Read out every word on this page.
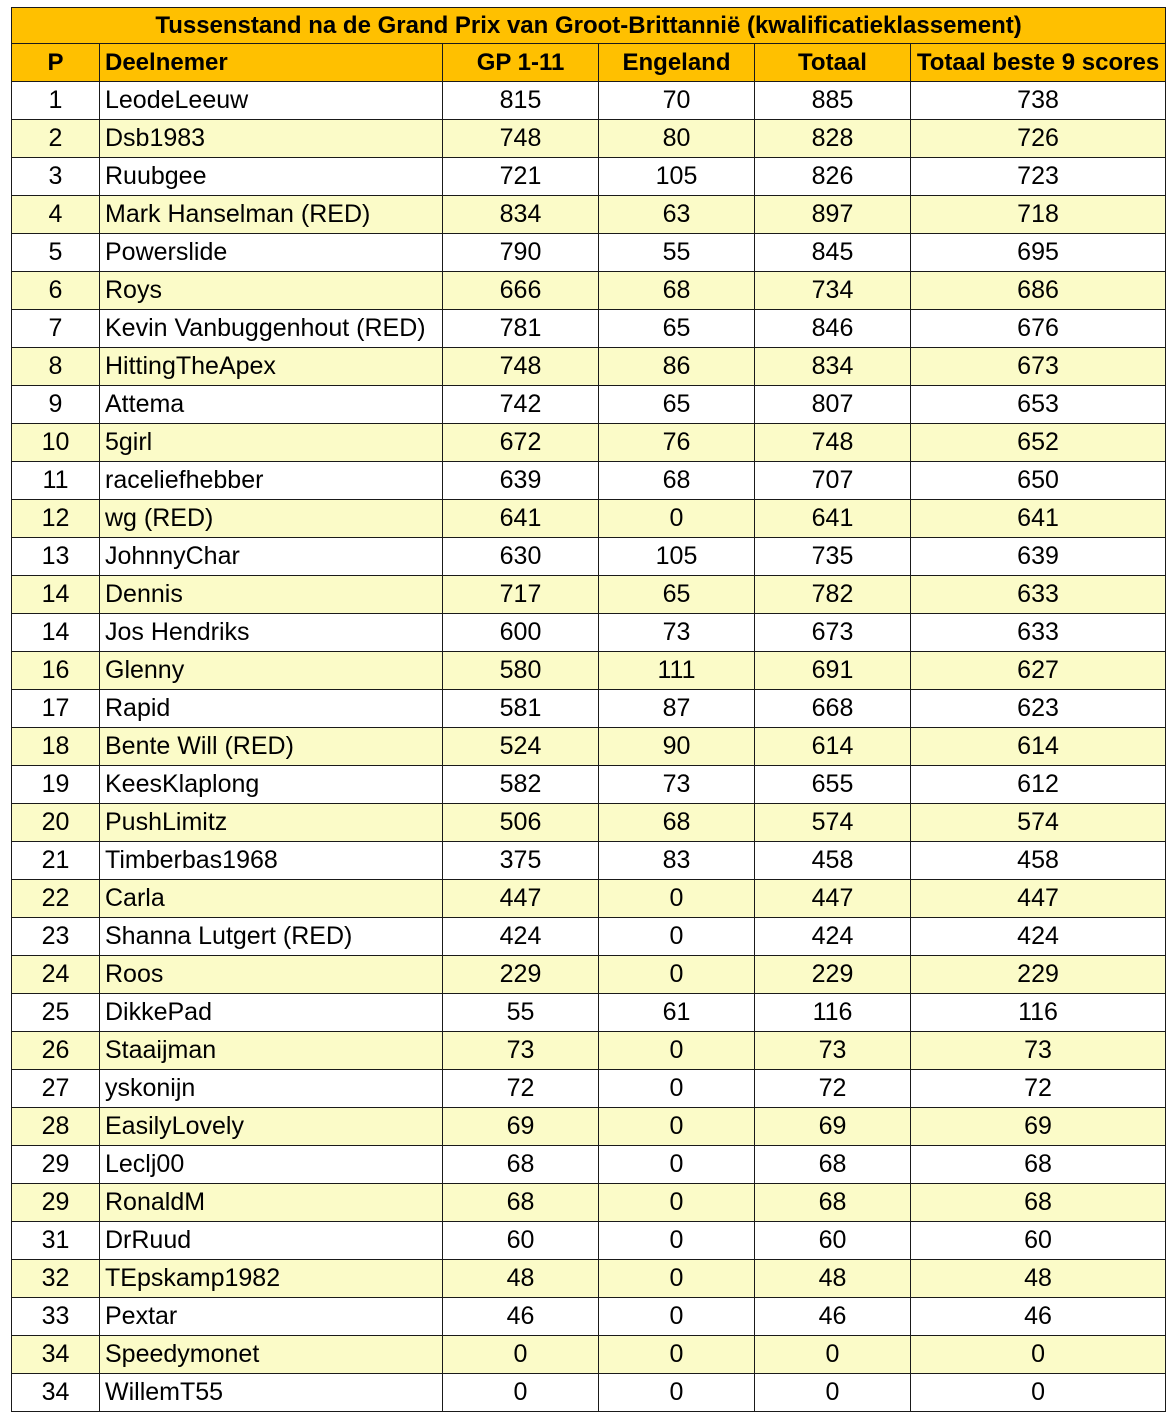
Tussenstand na de Grand Prix van Groot-Brittannië (kwalificatieklassement)					
P	Deelnemer	GP 1-11	Engeland	Totaal	Totaal beste 9 scores
1	LeodeLeeuw	815	70	885	738
2	Dsb1983	748	80	828	726
3	Ruubgee	721	105	826	723
4	Mark Hanselman (RED)	834	63	897	718
5	Powerslide	790	55	845	695
6	Roys	666	68	734	686
7	Kevin Vanbuggenhout (RED)	781	65	846	676
8	HittingTheApex	748	86	834	673
9	Attema	742	65	807	653
10	5girl	672	76	748	652
11	raceliefhebber	639	68	707	650
12	wg (RED)	641	0	641	641
13	JohnnyChar	630	105	735	639
14	Dennis	717	65	782	633
14	Jos Hendriks	600	73	673	633
16	Glenny	580	111	691	627
17	Rapid	581	87	668	623
18	Bente Will (RED)	524	90	614	614
19	KeesKlaplong	582	73	655	612
20	PushLimitz	506	68	574	574
21	Timberbas1968	375	83	458	458
22	Carla	447	0	447	447
23	Shanna Lutgert (RED)	424	0	424	424
24	Roos	229	0	229	229
25	DikkePad	55	61	116	116
26	Staaijman	73	0	73	73
27	yskonijn	72	0	72	72
28	EasilyLovely	69	0	69	69
29	Leclj00	68	0	68	68
29	RonaldM	68	0	68	68
31	DrRuud	60	0	60	60
32	TEpskamp1982	48	0	48	48
33	Pextar	46	0	46	46
34	Speedymonet	0	0	0	0
34	WillemT55	0	0	0	0
